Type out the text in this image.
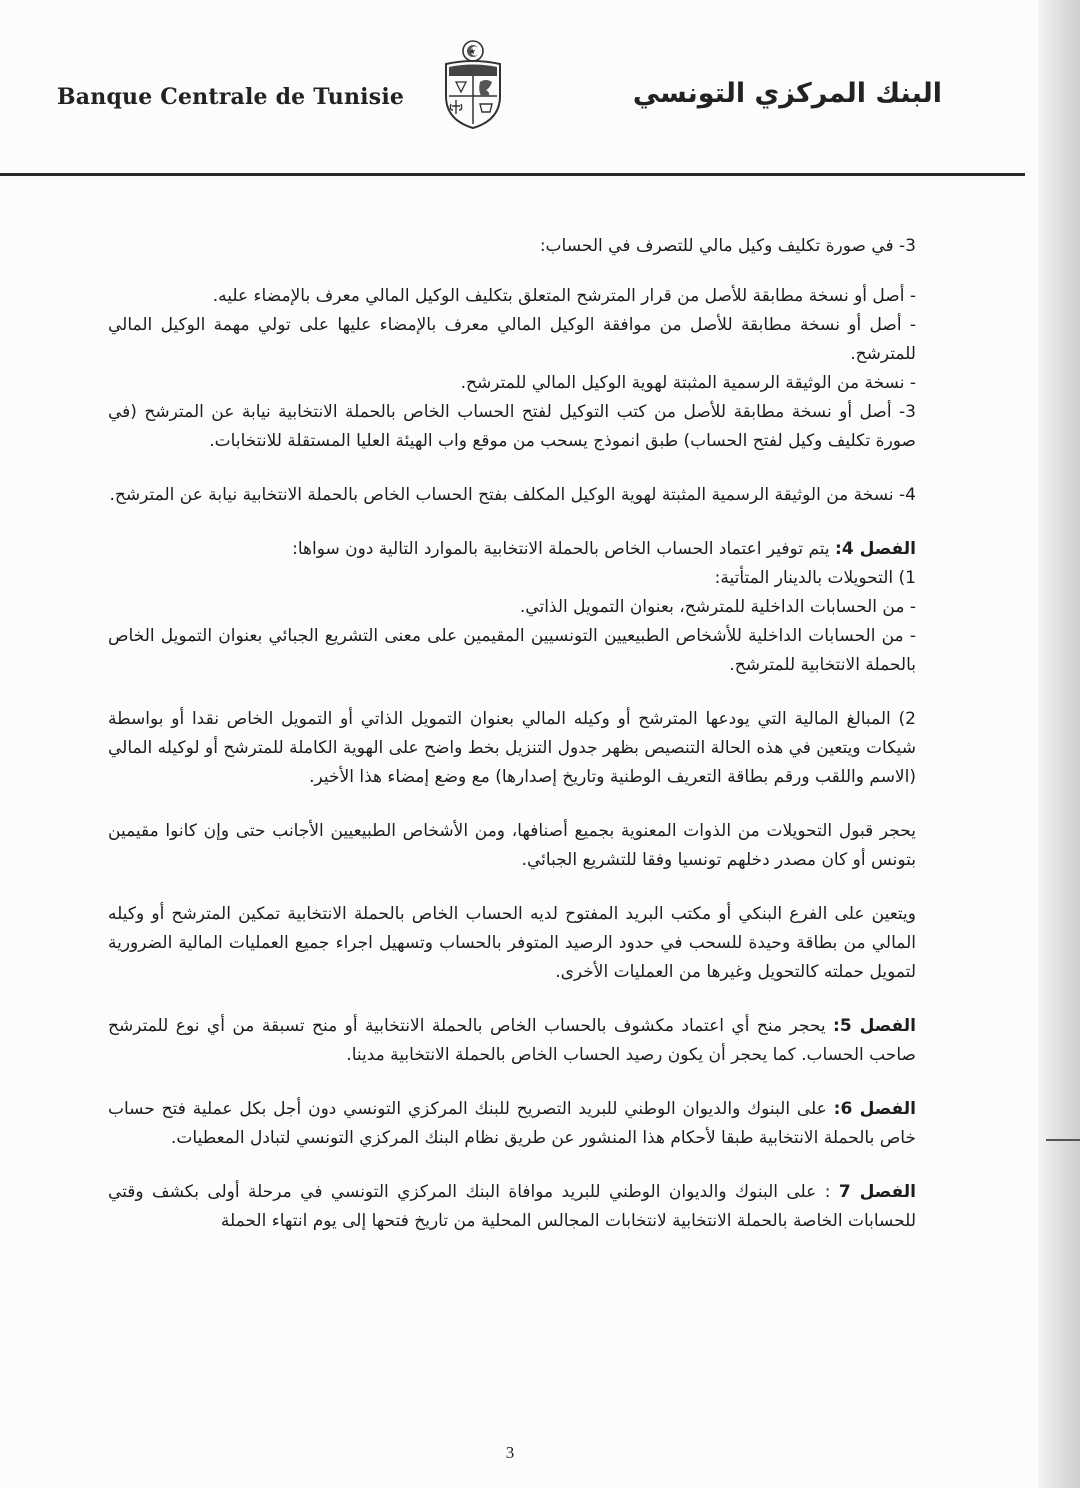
Banque Centrale de Tunisie	البنك المركزي التونسي

3- في صورة تكليف وكيل مالي للتصرف في الحساب:

- أصل أو نسخة مطابقة للأصل من قرار المترشح المتعلق بتكليف الوكيل المالي معرف بالإمضاء عليه.

- أصل أو نسخة مطابقة للأصل من موافقة الوكيل المالي معرف بالإمضاء عليها على تولي مهمة الوكيل المالي للمترشح.

- نسخة من الوثيقة الرسمية المثبتة لهوية الوكيل المالي للمترشح.

3- أصل أو نسخة مطابقة للأصل من كتب التوكيل لفتح الحساب الخاص بالحملة الانتخابية نيابة عن المترشح (في صورة تكليف وكيل لفتح الحساب) طبق انموذج يسحب من موقع واب الهيئة العليا المستقلة للانتخابات.

4- نسخة من الوثيقة الرسمية المثبتة لهوية الوكيل المكلف بفتح الحساب الخاص بالحملة الانتخابية نيابة عن المترشح.

الفصل 4: يتم توفير اعتماد الحساب الخاص بالحملة الانتخابية بالموارد التالية دون سواها:

1) التحويلات بالدينار المتأتية:

- من الحسابات الداخلية للمترشح، بعنوان التمويل الذاتي.

- من الحسابات الداخلية للأشخاص الطبيعيين التونسيين المقيمين على معنى التشريع الجبائي بعنوان التمويل الخاص بالحملة الانتخابية للمترشح.

2) المبالغ المالية التي يودعها المترشح أو وكيله المالي بعنوان التمويل الذاتي أو التمويل الخاص نقدا أو بواسطة شيكات ويتعين في هذه الحالة التنصيص بظهر جدول التنزيل بخط واضح على الهوية الكاملة للمترشح أو لوكيله المالي (الاسم واللقب ورقم بطاقة التعريف الوطنية وتاريخ إصدارها) مع وضع إمضاء هذا الأخير.

يحجر قبول التحويلات من الذوات المعنوية بجميع أصنافها، ومن الأشخاص الطبيعيين الأجانب حتى وإن كانوا مقيمين بتونس أو كان مصدر دخلهم تونسيا وفقا للتشريع الجبائي.

ويتعين على الفرع البنكي أو مكتب البريد المفتوح لديه الحساب الخاص بالحملة الانتخابية تمكين المترشح أو وكيله المالي من بطاقة وحيدة للسحب في حدود الرصيد المتوفر بالحساب وتسهيل اجراء جميع العمليات المالية الضرورية لتمويل حملته كالتحويل وغيرها من العمليات الأخرى.

الفصل 5: يحجر منح أي اعتماد مكشوف بالحساب الخاص بالحملة الانتخابية أو منح تسبقة من أي نوع للمترشح صاحب الحساب. كما يحجر أن يكون رصيد الحساب الخاص بالحملة الانتخابية مدينا.

الفصل 6: على البنوك والديوان الوطني للبريد التصريح للبنك المركزي التونسي دون أجل بكل عملية فتح حساب خاص بالحملة الانتخابية طبقا لأحكام هذا المنشور عن طريق نظام البنك المركزي التونسي لتبادل المعطيات.

الفصل 7 : على البنوك والديوان الوطني للبريد موافاة البنك المركزي التونسي في مرحلة أولى بكشف وقتي للحسابات الخاصة بالحملة الانتخابية لانتخابات المجالس المحلية من تاريخ فتحها إلى يوم انتهاء الحملة

3
